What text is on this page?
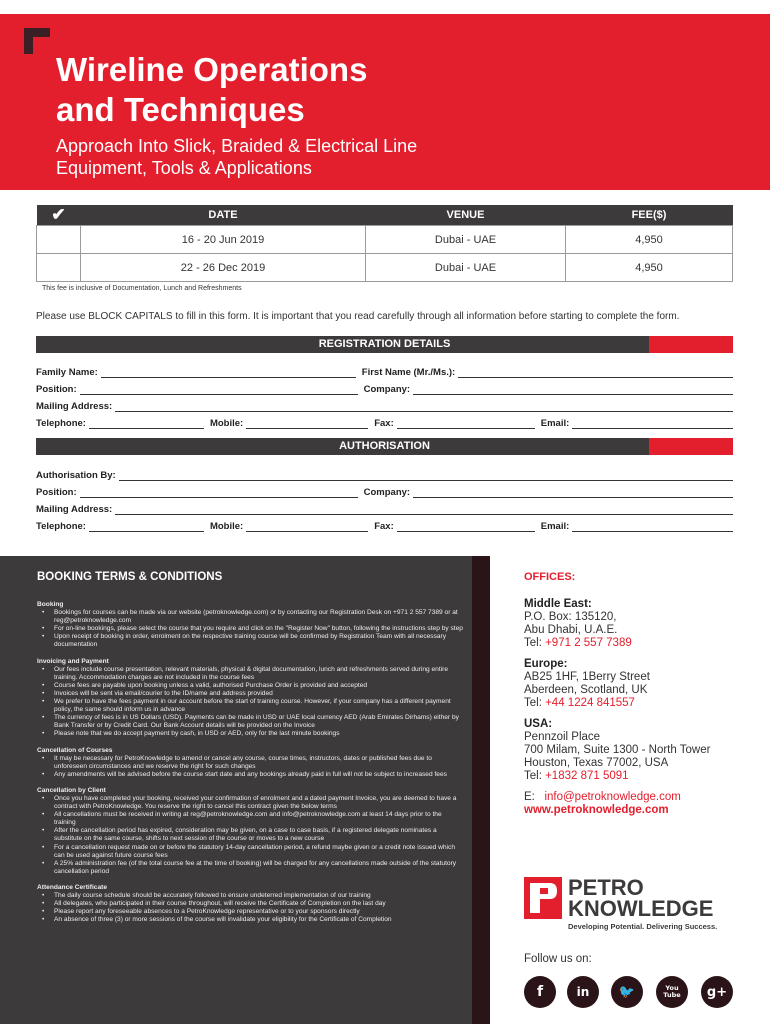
Wireline Operations
and Techniques
Approach Into Slick, Braided & Electrical Line
Equipment, Tools & Applications
✔	DATE	VENUE	FEE($)
	16 - 20 Jun 2019	Dubai - UAE	4,950
	22 - 26 Dec 2019	Dubai - UAE	4,950
This fee is inclusive of Documentation, Lunch and Refreshments
Please use BLOCK CAPITALS to fill in this form. It is important that you read carefully through all information before starting to complete the form.
REGISTRATION DETAILS
Family Name:	First Name (Mr./Ms.):
Position:	Company:
Mailing Address:
Telephone:	Mobile:	Fax:	Email:
AUTHORISATION
Authorisation By:
Position:	Company:
Mailing Address:
Telephone:	Mobile:	Fax:	Email:
BOOKING TERMS & CONDITIONS
Booking
• Bookings for courses can be made via our website (petroknowledge.com) or by contacting our Registration Desk on +971 2 557 7389 or at reg@petroknowledge.com
• For on-line bookings, please select the course that you require and click on the "Register Now" button, following the instructions step by step
• Upon receipt of booking in order, enrolment on the respective training course will be confirmed by Registration Team with all necessary documentation
Invoicing and Payment
• Our fees include course presentation, relevant materials, physical & digital documentation, lunch and refreshments served during entire training. Accommodation charges are not included in the course fees
• Course fees are payable upon booking unless a valid, authorised Purchase Order is provided and accepted
• Invoices will be sent via email/courier to the ID/name and address provided
• We prefer to have the fees payment in our account before the start of training course. However, if your company has a different payment policy, the same should inform us in advance
• The currency of fees is in US Dollars (USD). Payments can be made in USD or UAE local currency AED (Arab Emirates Dirhams) either by Bank Transfer or by Credit Card. Our Bank Account details will be provided on the Invoice
• Please note that we do accept payment by cash, in USD or AED, only for the last minute bookings
Cancellation of Courses
• It may be necessary for PetroKnowledge to amend or cancel any course, course times, instructors, dates or published fees due to unforeseen circumstances and we reserve the right for such changes
• Any amendments will be advised before the course start date and any bookings already paid in full will not be subject to increased fees
Cancellation by Client
• Once you have completed your booking, received your confirmation of enrolment and a dated payment Invoice, you are deemed to have a contract with PetroKnowledge. You reserve the right to cancel this contract given the below terms
• All cancellations must be received in writing at reg@petroknowledge.com and info@petroknowledge.com at least 14 days prior to the training
• After the cancellation period has expired, consideration may be given, on a case to case basis, if a registered delegate nominates a substitute on the same course, shifts to next session of the course or moves to a new course
• For a cancellation request made on or before the statutory 14-day cancellation period, a refund maybe given or a credit note issued which can be used against future course fees
• A 25% administration fee (of the total course fee at the time of booking) will be charged for any cancellations made outside of the statutory cancellation period
Attendance Certificate
• The daily course schedule should be accurately followed to ensure undeterred implementation of our training
• All delegates, who participated in their course throughout, will receive the Certificate of Completion on the last day
• Please report any foreseeable absences to a PetroKnowledge representative or to your sponsors directly
• An absence of three (3) or more sessions of the course will invalidate your eligibility for the Certificate of Completion
OFFICES:
Middle East:
P.O. Box: 135120,
Abu Dhabi, U.A.E.
Tel: +971 2 557 7389
Europe:
AB25 1HF, 1Berry Street
Aberdeen, Scotland, UK
Tel: +44 1224 841557
USA:
Pennzoil Place
700 Milam, Suite 1300 - North Tower
Houston, Texas 77002, USA
Tel: +1832 871 5091
E: info@petroknowledge.com
www.petroknowledge.com
PETRO
KNOWLEDGE
Developing Potential. Delivering Success.
Follow us on:
f	in	🐦	You Tube	g+
